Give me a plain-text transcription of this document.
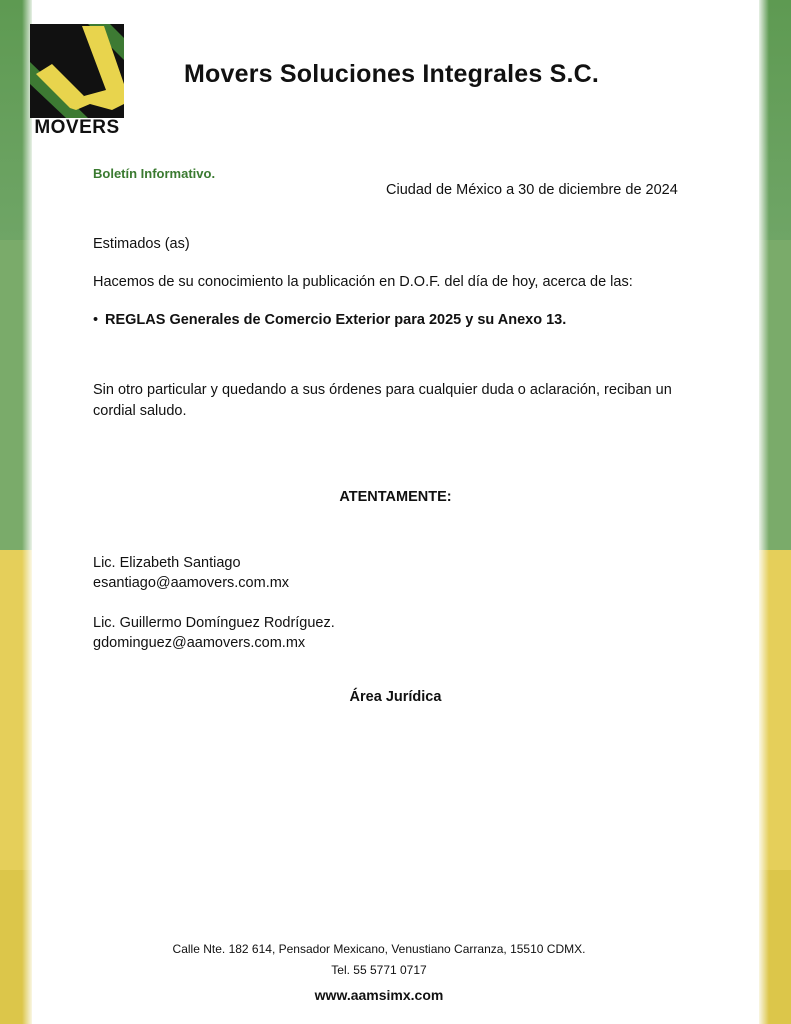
MOVERS
Movers Soluciones Integrales S.C.
Boletín Informativo.
Ciudad de México a 30 de diciembre de 2024
Estimados (as)
Hacemos de su conocimiento la publicación en D.O.F. del día de hoy, acerca de las:
• REGLAS Generales de Comercio Exterior para 2025 y su Anexo 13.
Sin otro particular y quedando a sus órdenes para cualquier duda o aclaración, reciban un cordial saludo.
ATENTAMENTE:
Lic. Elizabeth Santiago
esantiago@aamovers.com.mx
Lic. Guillermo Domínguez Rodríguez.
gdominguez@aamovers.com.mx
Área Jurídica
Calle Nte. 182 614, Pensador Mexicano, Venustiano Carranza, 15510 CDMX.
Tel. 55 5771 0717
www.aamsimx.com
